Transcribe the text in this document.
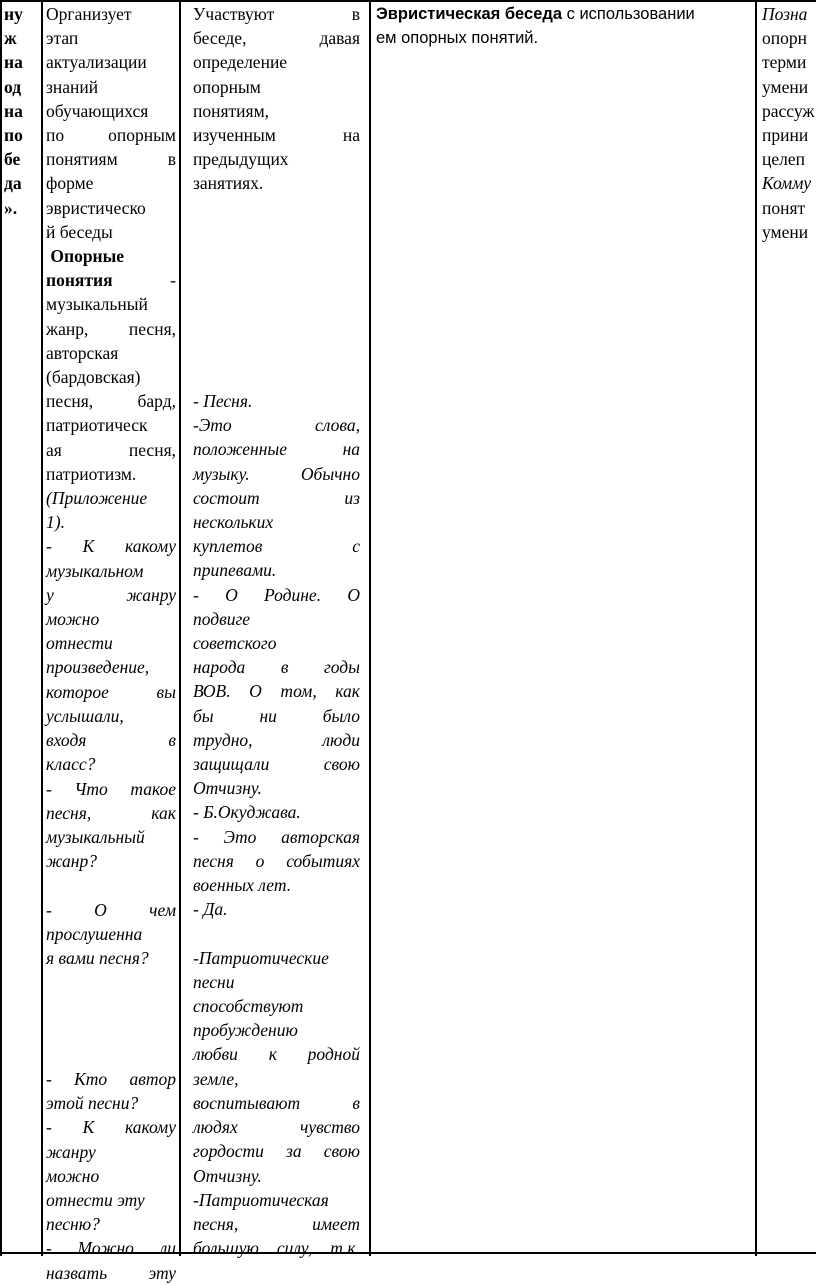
ну
ж
на
од
на
по
бе
да
».
Организует
этап
актуализации
знаний
обучающихся
по опорным
понятиям в
форме
эвристическо
й беседы
Опорные
понятия	-
музыкальный
жанр, песня,
авторская
(бардовская)
песня, бард,
патриотическ
ая песня,
патриотизм.
(Приложение
1).
- К какому
музыкальном
у жанру
можно
отнести
произведение,
которое вы
услышали,
входя в
класс?
- Что такое
песня, как
музыкальный
жанр?

- О чем
прослушенна
я вами песня?

- Кто автор
этой песни?
- К какому
жанру
можно
отнести эту
песню?
- Можно ли
назвать эту
Участвуют в
беседе, давая
определение
опорным
понятиям,
изученным на
предыдущих
занятиях.
- Песня.
-Это слова,
положенные на
музыку. Обычно
состоит из
нескольких
куплетов с
припевами.
- О Родине. О
подвиге
советского
народа в годы
ВОВ. О том, как
бы ни было
трудно, люди
защищали свою
Отчизну.
- Б.Окуджава.
- Это авторская
песня о событиях
военных лет.
- Да.

-Патриотические
песни
способствуют
пробуждению
любви к родной
земле,
воспитывают в
людях чувство
гордости за свою
Отчизну.
-Патриотическая
песня, имеет
большую силу, т.к.
Эвристическая беседа с использовании
ем опорных понятий.
Позна
опорн
терми
умени
рассуж
прини
целеп
Комму
понят
умени
